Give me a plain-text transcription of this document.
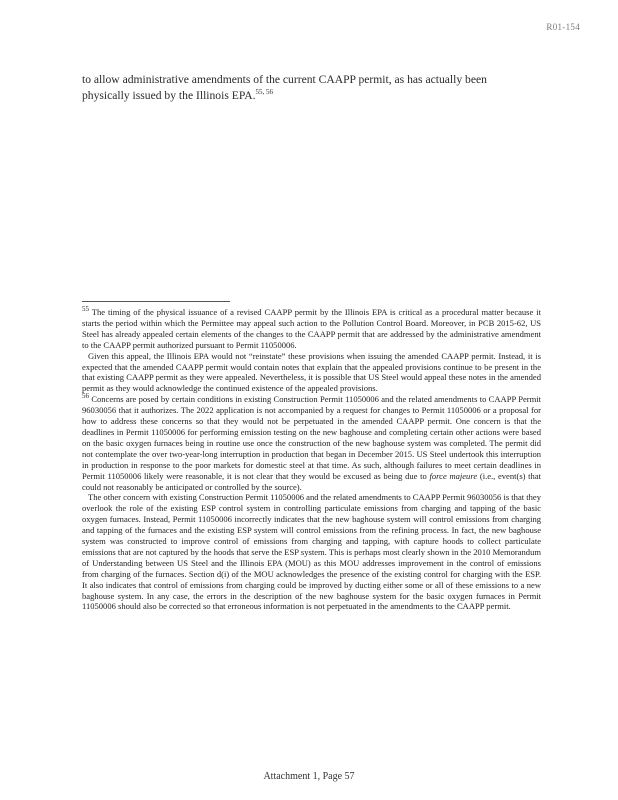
R01-154
to allow administrative amendments of the current CAAPP permit, as has actually been physically issued by the Illinois EPA.$^{55, 56}$

$^{55}$ The timing of the physical issuance of a revised CAAPP permit by the Illinois EPA is critical as a procedural matter because it starts the period within which the Permittee may appeal such action to the Pollution Control Board. Moreover, in PCB 2015-62, US Steel has already appealed certain elements of the changes to the CAAPP permit that are addressed by the administrative amendment to the CAAPP permit authorized pursuant to Permit 11050006.

Given this appeal, the Illinois EPA would not “reinstate” these provisions when issuing the amended CAAPP permit. Instead, it is expected that the amended CAAPP permit would contain notes that explain that the appealed provisions continue to be present in the that existing CAAPP permit as they were appealed. Nevertheless, it is possible that US Steel would appeal these notes in the amended permit as they would acknowledge the continued existence of the appealed provisions.

$^{56}$ Concerns are posed by certain conditions in existing Construction Permit 11050006 and the related amendments to CAAPP Permit 96030056 that it authorizes. The 2022 application is not accompanied by a request for changes to Permit 11050006 or a proposal for how to address these concerns so that they would not be perpetuated in the amended CAAPP permit. One concern is that the deadlines in Permit 11050006 for performing emission testing on the new baghouse and completing certain other actions were based on the basic oxygen furnaces being in routine use once the construction of the new baghouse system was completed. The permit did not contemplate the over two-year-long interruption in production that began in December 2015. US Steel undertook this interruption in production in response to the poor markets for domestic steel at that time. As such, although failures to meet certain deadlines in Permit 11050006 likely were reasonable, it is not clear that they would be excused as being due to force majeure (i.e., event(s) that could not reasonably be anticipated or controlled by the source).

The other concern with existing Construction Permit 11050006 and the related amendments to CAAPP Permit 96030056 is that they overlook the role of the existing ESP control system in controlling particulate emissions from charging and tapping of the basic oxygen furnaces. Instead, Permit 11050006 incorrectly indicates that the new baghouse system will control emissions from charging and tapping of the furnaces and the existing ESP system will control emissions from the refining process. In fact, the new baghouse system was constructed to improve control of emissions from charging and tapping, with capture hoods to collect particulate emissions that are not captured by the hoods that serve the ESP system. This is perhaps most clearly shown in the 2010 Memorandum of Understanding between US Steel and the Illinois EPA (MOU) as this MOU addresses improvement in the control of emissions from charging of the furnaces. Section d(i) of the MOU acknowledges the presence of the existing control for charging with the ESP. It also indicates that control of emissions from charging could be improved by ducting either some or all of these emissions to a new baghouse system. In any case, the errors in the description of the new baghouse system for the basic oxygen furnaces in Permit 11050006 should also be corrected so that erroneous information is not perpetuated in the amendments to the CAAPP permit.

Attachment 1, Page 57
